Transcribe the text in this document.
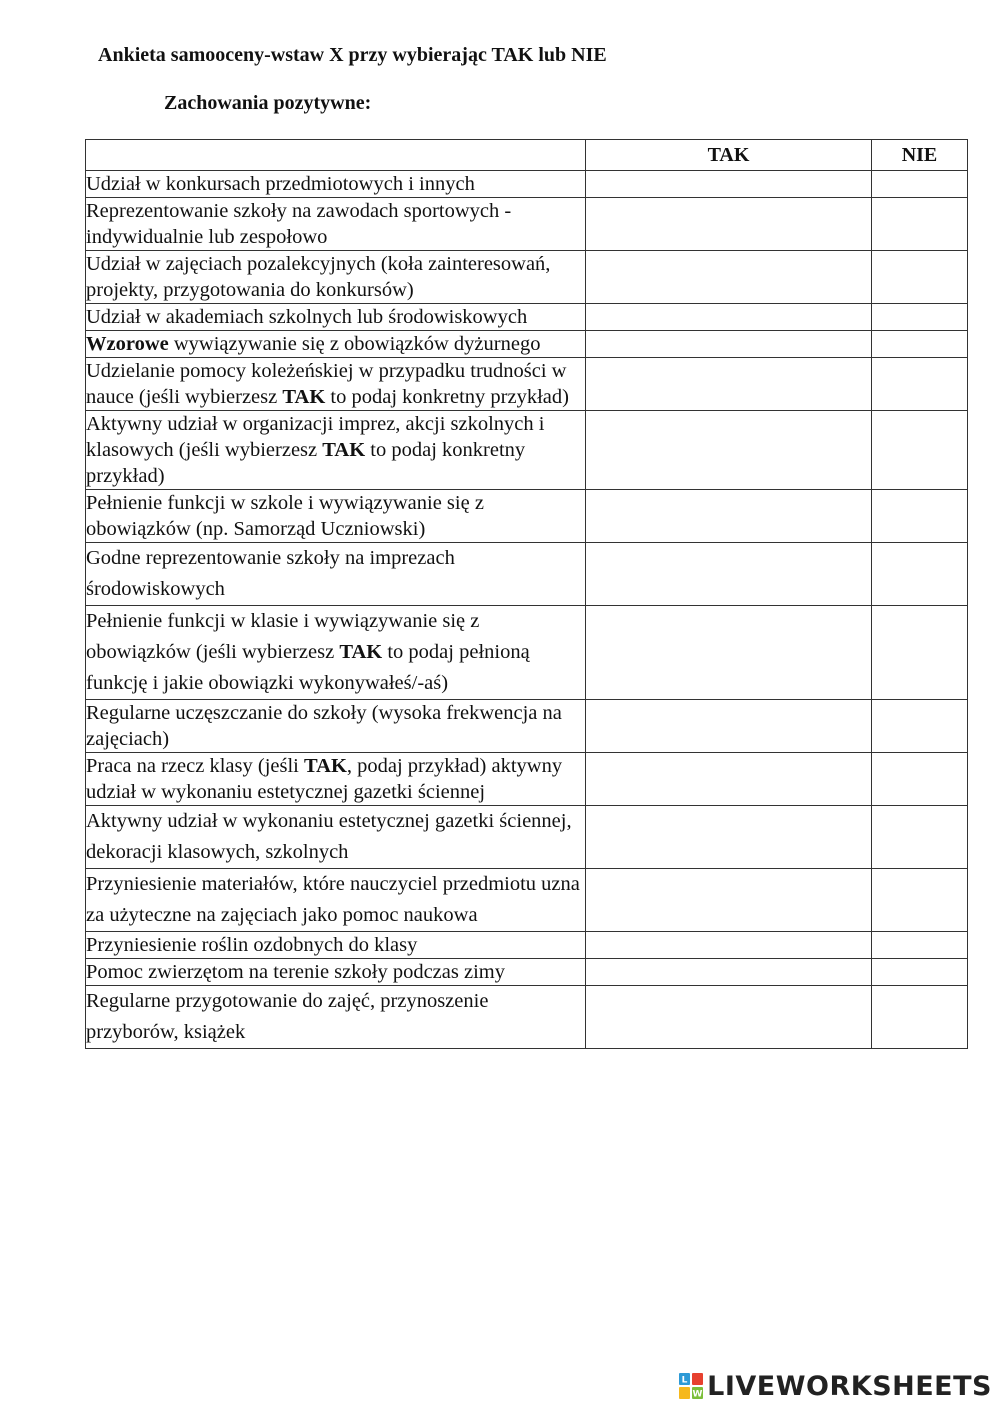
Ankieta samooceny-wstaw X przy wybierając TAK lub NIE
Zachowania pozytywne:
	TAK	NIE
Udział w konkursach przedmiotowych i innych		
Reprezentowanie szkoły na zawodach sportowych - indywidualnie lub zespołowo		
Udział w zajęciach pozalekcyjnych (koła zainteresowań, projekty, przygotowania do konkursów)		
Udział w akademiach szkolnych lub środowiskowych		
Wzorowe wywiązywanie się z obowiązków dyżurnego		
Udzielanie pomocy koleżeńskiej w przypadku trudności w nauce (jeśli wybierzesz TAK to podaj konkretny przykład)		
Aktywny udział w organizacji imprez, akcji szkolnych i klasowych (jeśli wybierzesz TAK to podaj konkretny przykład)		
Pełnienie funkcji w szkole i wywiązywanie się z obowiązków (np. Samorząd Uczniowski)		
Godne reprezentowanie szkoły na imprezach środowiskowych		
Pełnienie funkcji w klasie i wywiązywanie się z obowiązków (jeśli wybierzesz TAK to podaj pełnioną funkcję i jakie obowiązki wykonywałeś/-aś)		
Regularne uczęszczanie do szkoły (wysoka frekwencja na zajęciach)		
Praca na rzecz klasy (jeśli TAK, podaj przykład) aktywny udział w wykonaniu estetycznej gazetki ściennej		
Aktywny udział w wykonaniu estetycznej gazetki ściennej, dekoracji klasowych, szkolnych		
Przyniesienie materiałów, które nauczyciel przedmiotu uzna za użyteczne na zajęciach jako pomoc naukowa		
Przyniesienie roślin ozdobnych do klasy		
Pomoc zwierzętom na terenie szkoły podczas zimy		
Regularne przygotowanie do zajęć, przynoszenie przyborów, książek		
L
W LIVEWORKSHEETS
